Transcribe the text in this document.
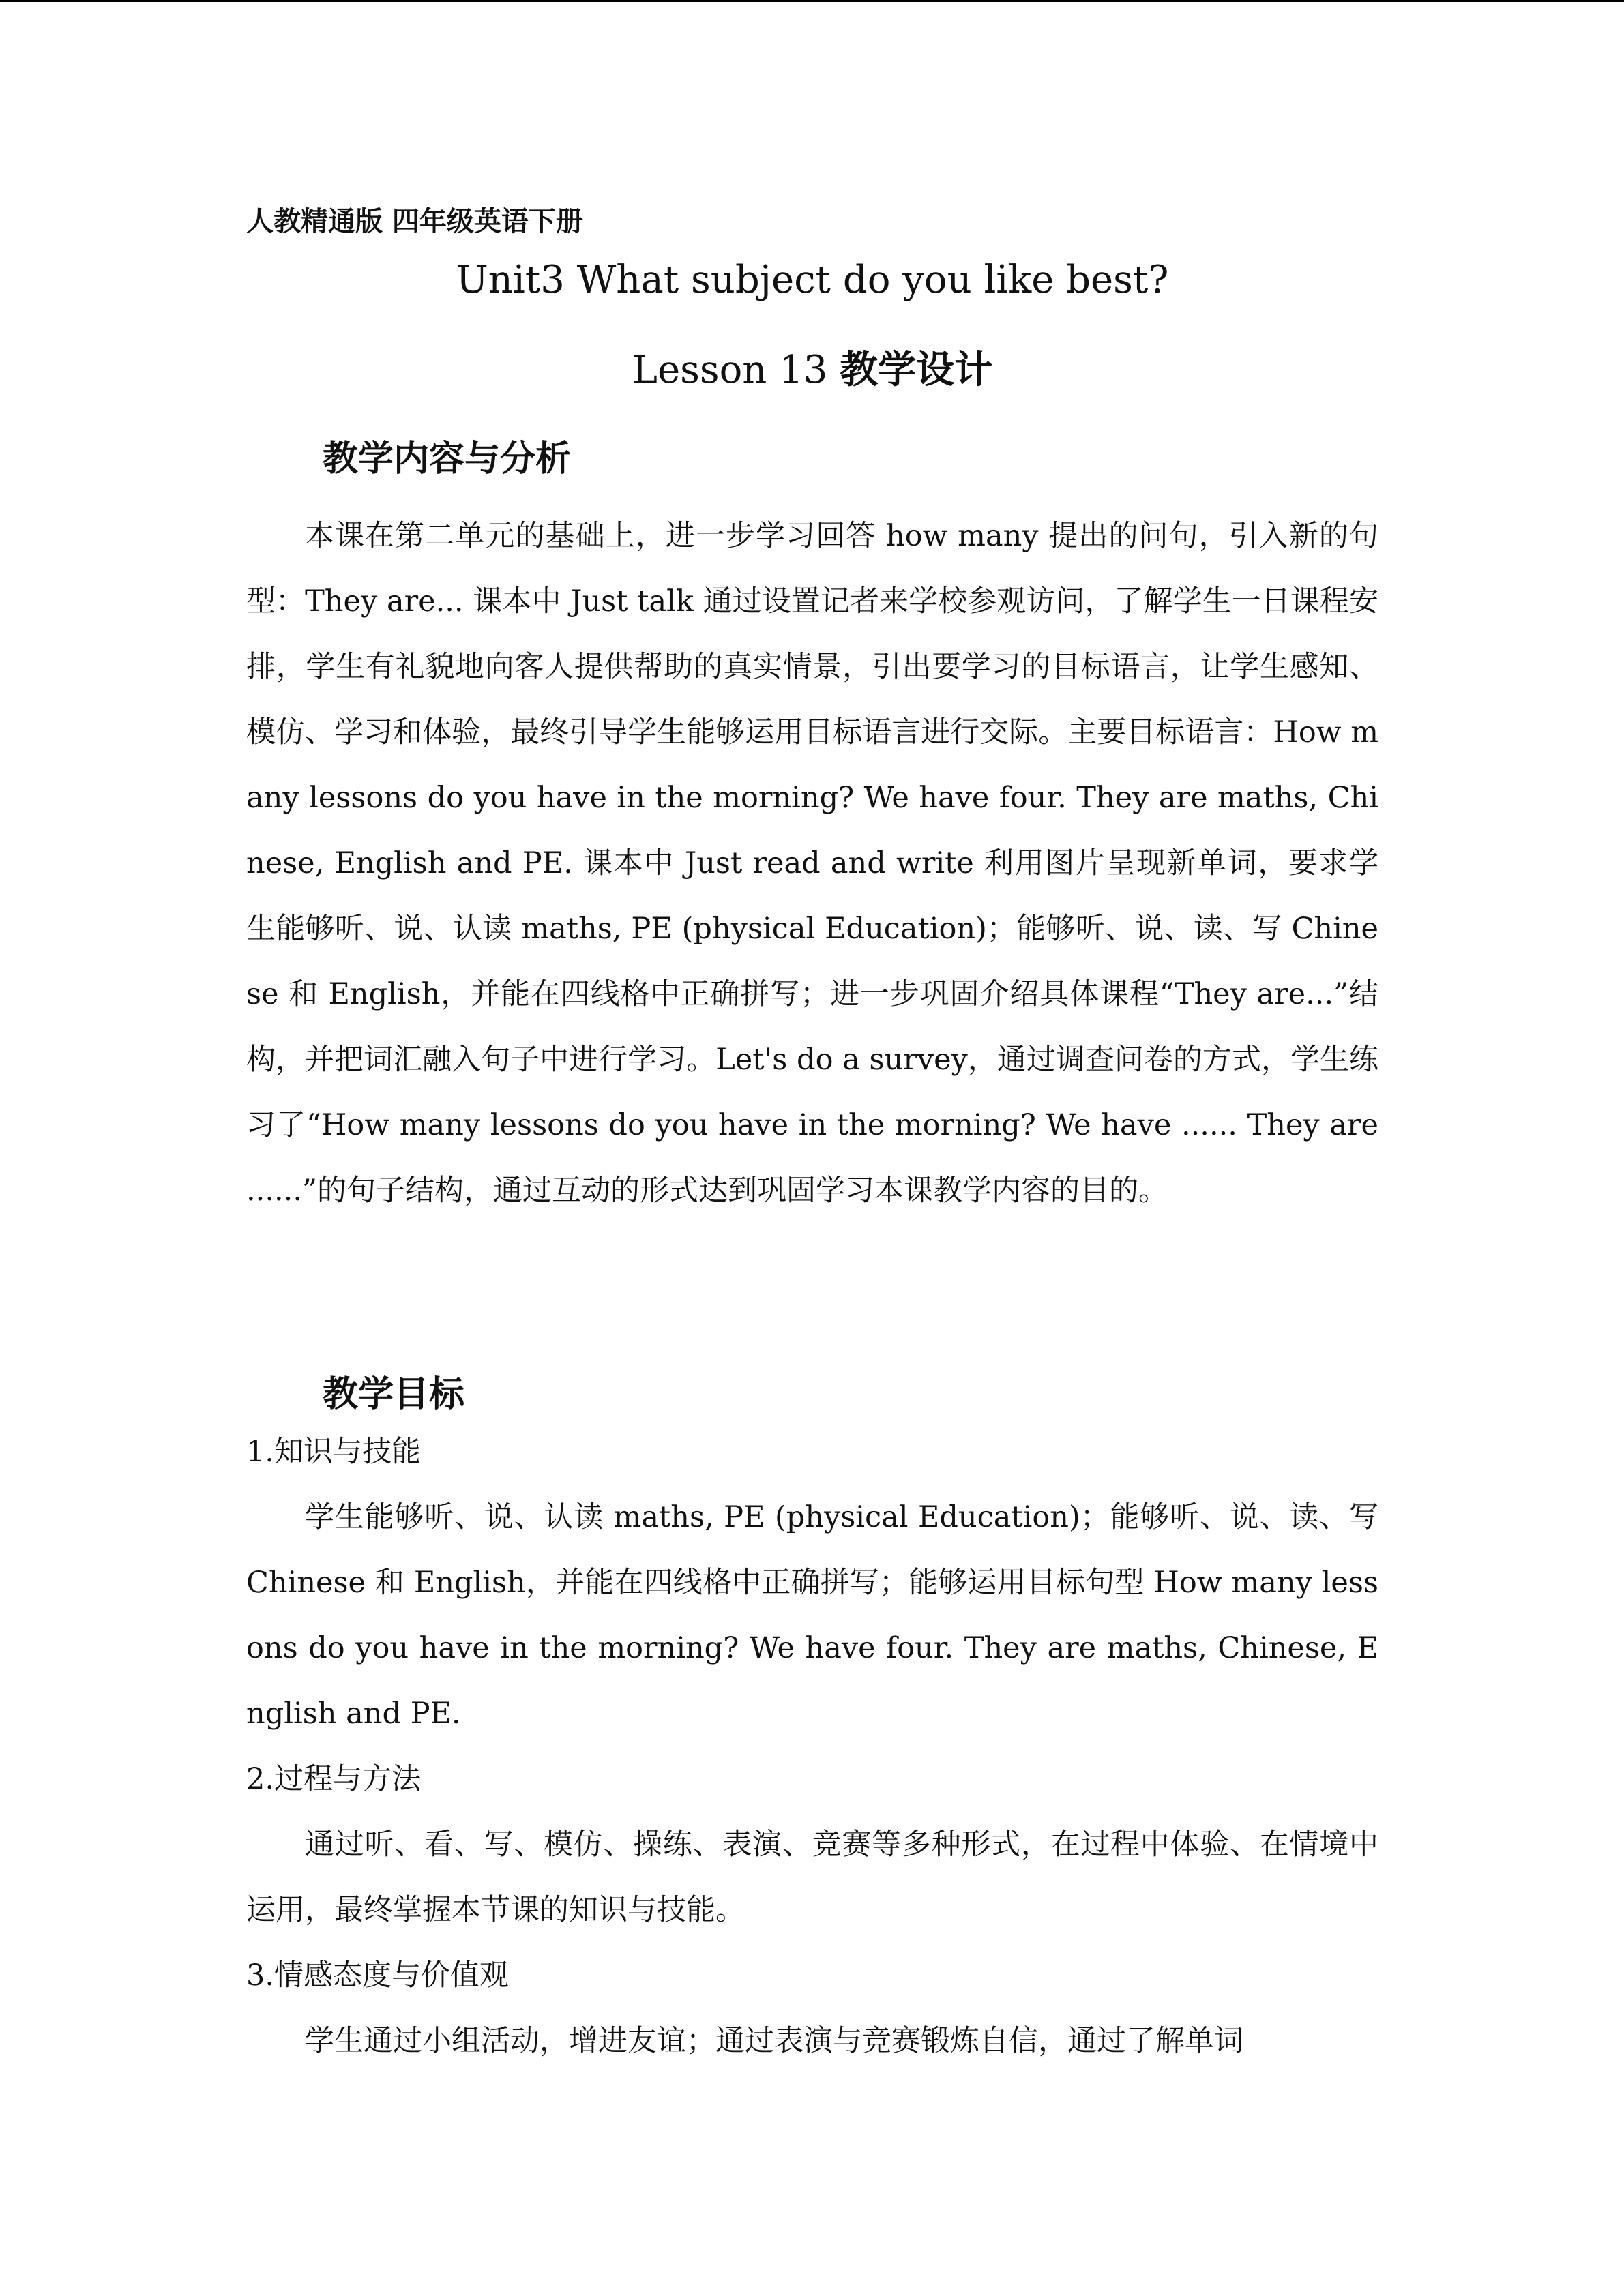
人教精通版 四年级英语下册
Unit3 What subject do you like best?
Lesson 13 教学设计
教学内容与分析
本课在第二单元的基础上，进一步学习回答 how many 提出的问句，引入新的句型：They are... 课本中 Just talk 通过设置记者来学校参观访问，了解学生一日课程安排，学生有礼貌地向客人提供帮助的真实情景，引出要学习的目标语言，让学生感知、模仿、学习和体验，最终引导学生能够运用目标语言进行交际。主要目标语言：How many lessons do you have in the morning? We have four. They are maths, Chinese, English and PE. 课本中 Just read and write 利用图片呈现新单词，要求学生能够听、说、认读 maths, PE (physical Education)；能够听、说、读、写 Chinese 和 English，并能在四线格中正确拼写；进一步巩固介绍具体课程“They are...”结构，并把词汇融入句子中进行学习。Let's do a survey，通过调查问卷的方式，学生练习了“How many lessons do you have in the morning? We have ...... They are ......”的句子结构，通过互动的形式达到巩固学习本课教学内容的目的。
教学目标
1.知识与技能
学生能够听、说、认读 maths, PE (physical Education)；能够听、说、读、写 Chinese 和 English，并能在四线格中正确拼写；能够运用目标句型 How many lessons do you have in the morning? We have four. They are maths, Chinese, English and PE.
2.过程与方法
通过听、看、写、模仿、操练、表演、竞赛等多种形式，在过程中体验、在情境中运用，最终掌握本节课的知识与技能。
3.情感态度与价值观
学生通过小组活动，增进友谊；通过表演与竞赛锻炼自信，通过了解单词
